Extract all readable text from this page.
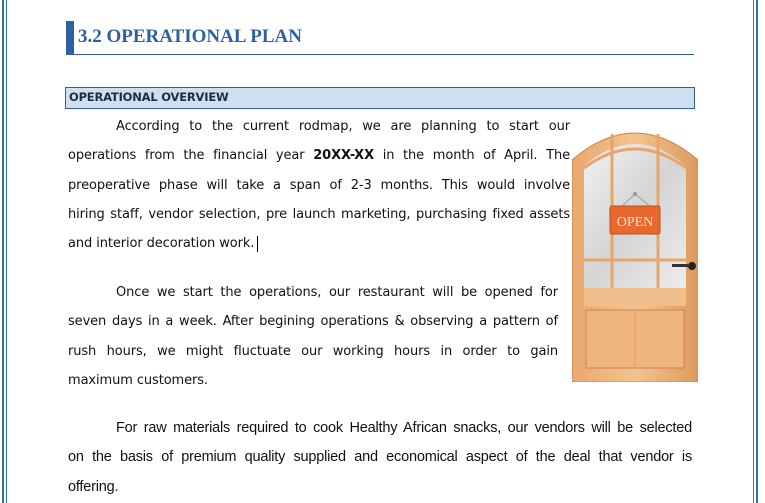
3.2 OPERATIONAL PLAN
OPERATIONAL OVERVIEW
According to the current rodmap, we are planning to start our
operations from the financial year 20XX-XX in the month of April. The
preoperative phase will take a span of 2-3 months. This would involve
hiring staff, vendor selection, pre launch marketing, purchasing fixed assets
and interior decoration work.
Once we start the operations, our restaurant will be opened for
seven days in a week. After begining operations & observing a pattern of
rush hours, we might fluctuate our working hours in order to gain
maximum customers.
For raw materials required to cook Healthy African snacks, our vendors will be selected
on the basis of premium quality supplied and economical aspect of the deal that vendor is
offering.
OPEN
